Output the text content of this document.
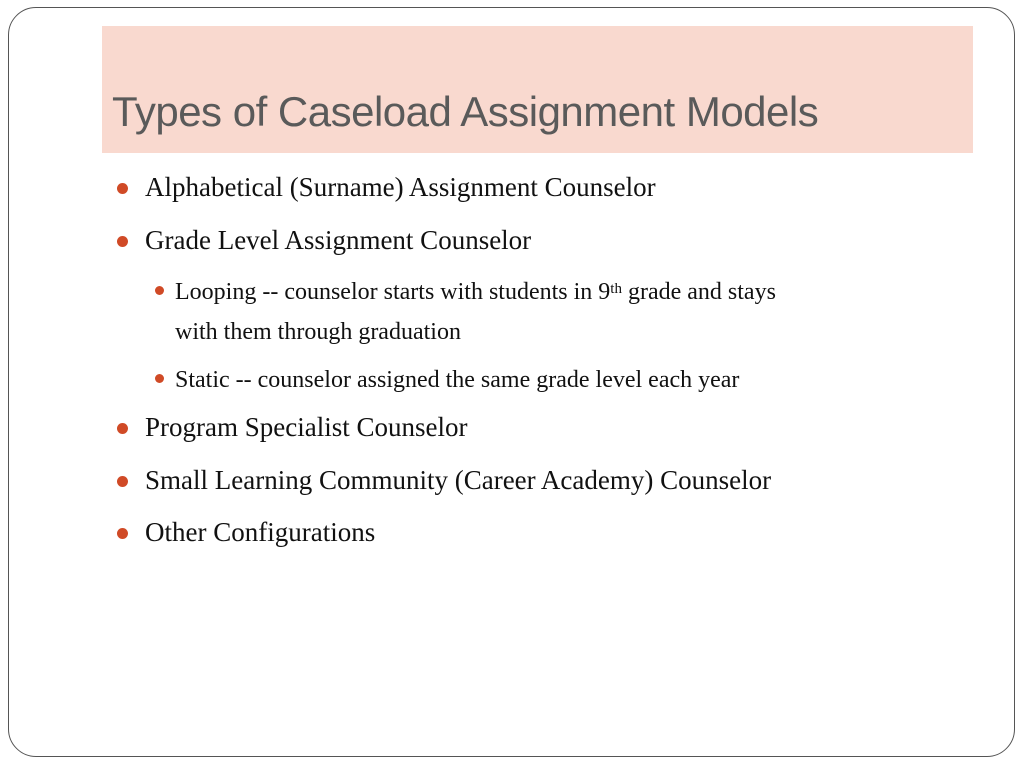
Types of Caseload Assignment Models
Alphabetical (Surname) Assignment Counselor
Grade Level Assignment Counselor
Looping -- counselor starts with students in 9th grade and stays
with them through graduation
Static -- counselor assigned the same grade level each year
Program Specialist Counselor
Small Learning Community (Career Academy) Counselor
Other Configurations
